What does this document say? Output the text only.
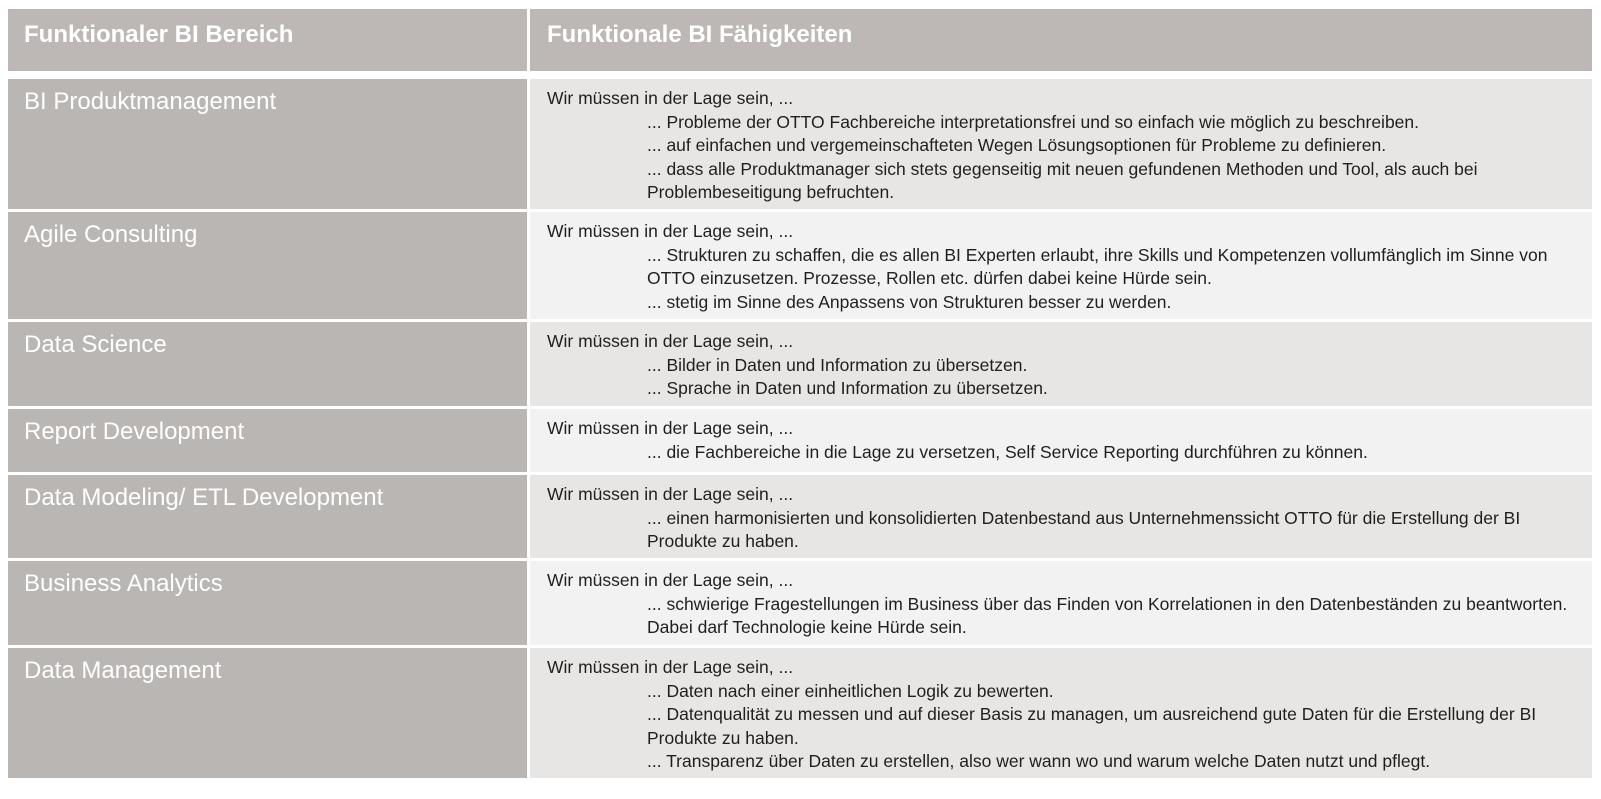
Funktionaler BI Bereich	Funktionale BI Fähigkeiten
BI Produktmanagement	Wir müssen in der Lage sein, ...
... Probleme der OTTO Fachbereiche interpretationsfrei und so einfach wie möglich zu beschreiben.
... auf einfachen und vergemeinschafteten Wegen Lösungsoptionen für Probleme zu definieren.
... dass alle Produktmanager sich stets gegenseitig mit neuen gefundenen Methoden und Tool, als auch bei Problembeseitigung befruchten.
Agile Consulting	Wir müssen in der Lage sein, ...
... Strukturen zu schaffen, die es allen BI Experten erlaubt, ihre Skills und Kompetenzen vollumfänglich im Sinne von OTTO einzusetzen. Prozesse, Rollen etc. dürfen dabei keine Hürde sein.
... stetig im Sinne des Anpassens von Strukturen besser zu werden.
Data Science	Wir müssen in der Lage sein, ...
... Bilder in Daten und Information zu übersetzen.
... Sprache in Daten und Information zu übersetzen.
Report Development	Wir müssen in der Lage sein, ...
... die Fachbereiche in die Lage zu versetzen, Self Service Reporting durchführen zu können.
Data Modeling/ ETL Development	Wir müssen in der Lage sein, ...
... einen harmonisierten und konsolidierten Datenbestand aus Unternehmenssicht OTTO für die Erstellung der BI Produkte zu haben.
Business Analytics	Wir müssen in der Lage sein, ...
... schwierige Fragestellungen im Business über das Finden von Korrelationen in den Datenbeständen zu beantworten. Dabei darf Technologie keine Hürde sein.
Data Management	Wir müssen in der Lage sein, ...
... Daten nach einer einheitlichen Logik zu bewerten.
... Datenqualität zu messen und auf dieser Basis zu managen, um ausreichend gute Daten für die Erstellung der BI Produkte zu haben.
... Transparenz über Daten zu erstellen, also wer wann wo und warum welche Daten nutzt und pflegt.
